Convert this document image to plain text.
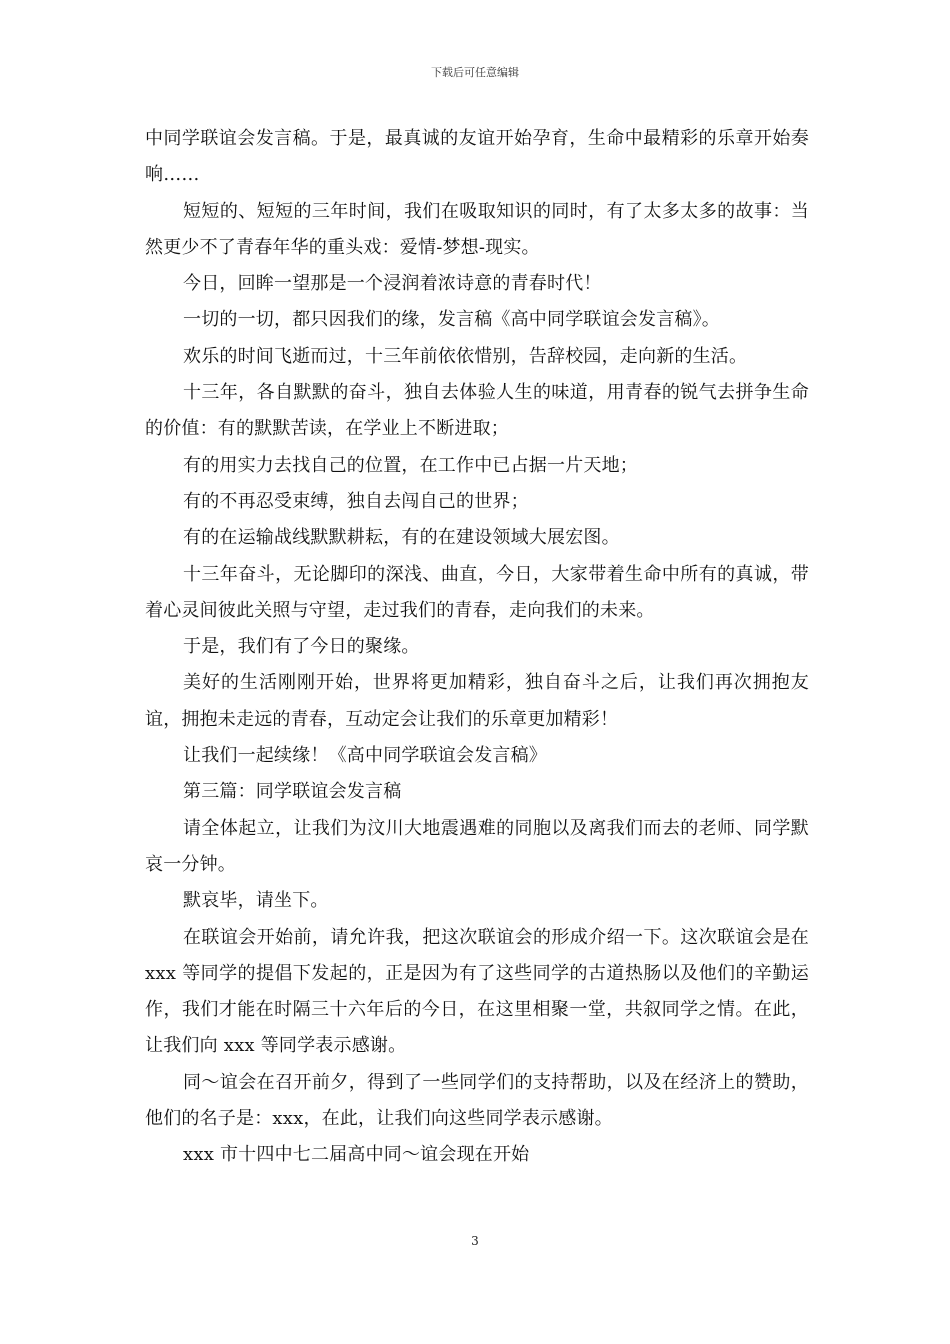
下载后可任意编辑

中同学联谊会发言稿。于是，最真诚的友谊开始孕育，生命中最精彩的乐章开始奏响……

短短的、短短的三年时间，我们在吸取知识的同时，有了太多太多的故事：当然更少不了青春年华的重头戏：爱情-梦想-现实。

今日，回眸一望那是一个浸润着浓诗意的青春时代！

一切的一切，都只因我们的缘，发言稿《高中同学联谊会发言稿》。

欢乐的时间飞逝而过，十三年前依依惜别，告辞校园，走向新的生活。

十三年，各自默默的奋斗，独自去体验人生的味道，用青春的锐气去拼争生命的价值：有的默默苦读，在学业上不断进取；

有的用实力去找自己的位置，在工作中已占据一片天地；

有的不再忍受束缚，独自去闯自己的世界；

有的在运输战线默默耕耘，有的在建设领域大展宏图。

十三年奋斗，无论脚印的深浅、曲直，今日，大家带着生命中所有的真诚，带着心灵间彼此关照与守望，走过我们的青春，走向我们的未来。

于是，我们有了今日的聚缘。

美好的生活刚刚开始，世界将更加精彩，独自奋斗之后，让我们再次拥抱友谊，拥抱未走远的青春，互动定会让我们的乐章更加精彩！

让我们一起续缘！《高中同学联谊会发言稿》

第三篇：同学联谊会发言稿

请全体起立，让我们为汶川大地震遇难的同胞以及离我们而去的老师、同学默哀一分钟。

默哀毕，请坐下。

在联谊会开始前，请允许我，把这次联谊会的形成介绍一下。这次联谊会是在 xxx 等同学的提倡下发起的，正是因为有了这些同学的古道热肠以及他们的辛勤运作，我们才能在时隔三十六年后的今日，在这里相聚一堂，共叙同学之情。在此，让我们向 xxx 等同学表示感谢。

同～谊会在召开前夕，得到了一些同学们的支持帮助，以及在经济上的赞助，他们的名子是：xxx，在此，让我们向这些同学表示感谢。

xxx 市十四中七二届高中同～谊会现在开始

3
